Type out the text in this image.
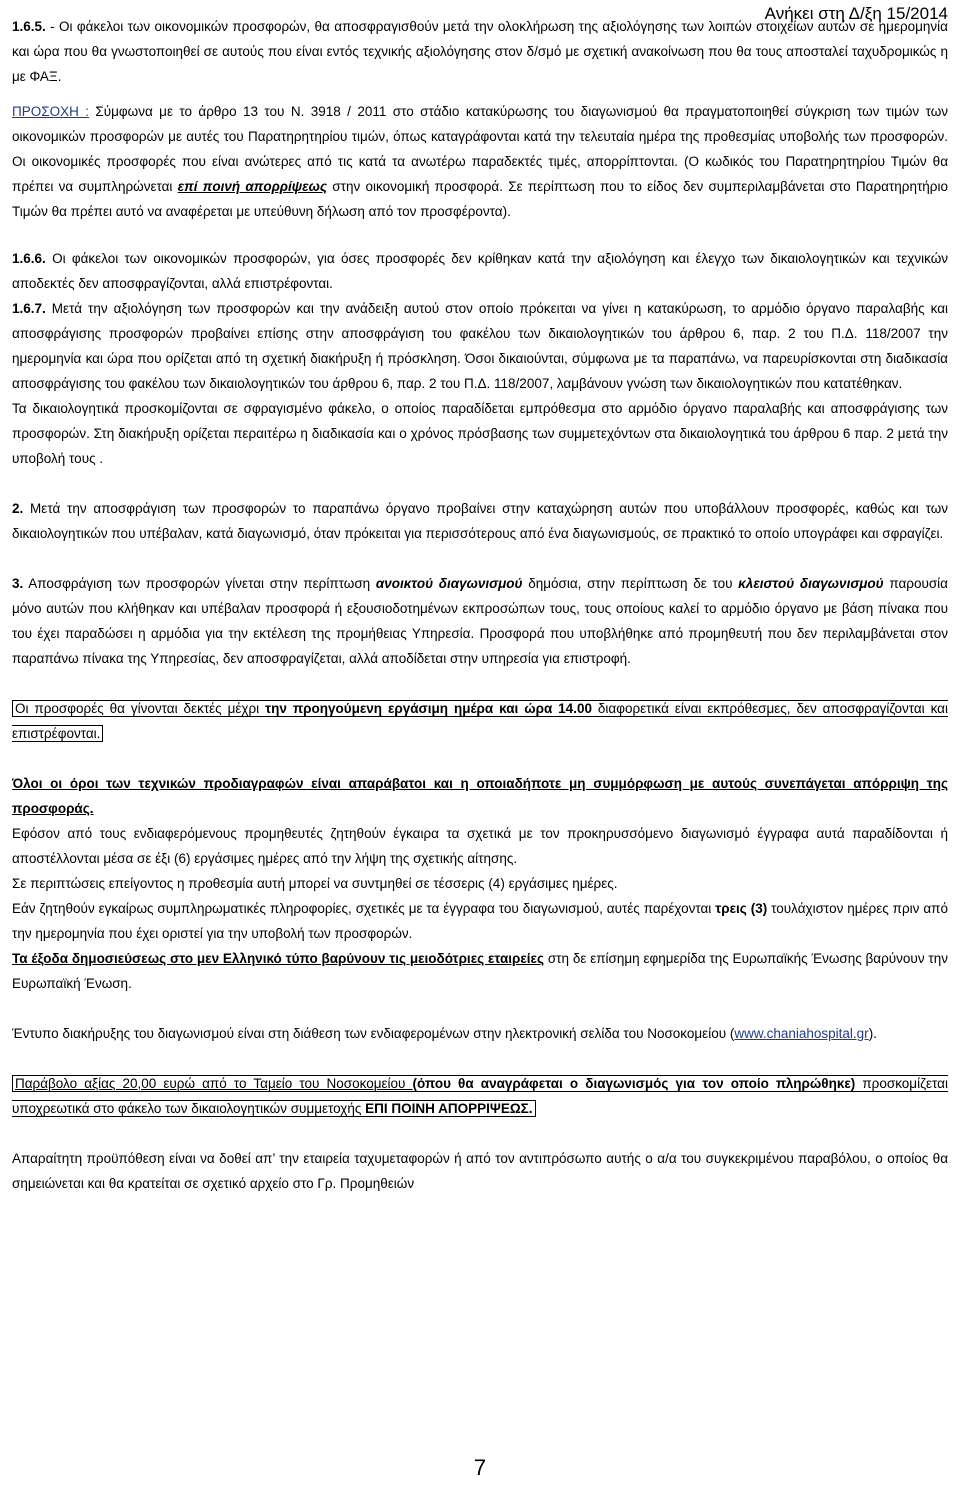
Ανήκει στη Δ/ξη 15/2014

1.6.5. - Οι φάκελοι των οικονομικών προσφορών, θα αποσφραγισθούν μετά την ολοκλήρωση της αξιολόγησης των λοιπών στοιχείων αυτών σε ημερομηνία και ώρα που θα γνωστοποιηθεί σε αυτούς που είναι εντός τεχνικής αξιολόγησης στον δ/σμό με σχετική ανακοίνωση που θα τους αποσταλεί ταχυδρομικώς η με ΦΑΞ.

ΠΡΟΣΟΧΗ : Σύμφωνα με το άρθρο 13 του Ν. 3918 / 2011 στο στάδιο κατακύρωσης του διαγωνισμού θα πραγματοποιηθεί σύγκριση των τιμών των οικονομικών προσφορών με αυτές του Παρατηρητηρίου τιμών, όπως καταγράφονται κατά την τελευταία ημέρα της προθεσμίας υποβολής των προσφορών. Οι οικονομικές προσφορές που είναι ανώτερες από τις κατά τα ανωτέρω παραδεκτές τιμές, απορρίπτονται. (Ο κωδικός του Παρατηρητηρίου Τιμών θα πρέπει να συμπληρώνεται επί ποινή απορρίψεως στην οικονομική προσφορά. Σε περίπτωση που το είδος δεν συμπεριλαμβάνεται στο Παρατηρητήριο Τιμών θα πρέπει αυτό να αναφέρεται με υπεύθυνη δήλωση από τον προσφέροντα).

1.6.6. Οι φάκελοι των οικονομικών προσφορών, για όσες προσφορές δεν κρίθηκαν κατά την αξιολόγηση και έλεγχο των δικαιολογητικών και τεχνικών αποδεκτές δεν αποσφραγίζονται, αλλά επιστρέφονται.

1.6.7. Μετά την αξιολόγηση των προσφορών και την ανάδειξη αυτού στον οποίο πρόκειται να γίνει η κατακύρωση, το αρμόδιο όργανο παραλαβής και αποσφράγισης προσφορών προβαίνει επίσης στην αποσφράγιση του φακέλου των δικαιολογητικών του άρθρου 6, παρ. 2 του Π.Δ. 118/2007 την ημερομηνία και ώρα που ορίζεται από τη σχετική διακήρυξη ή πρόσκληση. Όσοι δικαιούνται, σύμφωνα με τα παραπάνω, να παρευρίσκονται στη διαδικασία αποσφράγισης του φακέλου των δικαιολογητικών του άρθρου 6, παρ. 2 του Π.Δ. 118/2007, λαμβάνουν γνώση των δικαιολογητικών που κατατέθηκαν.

Τα δικαιολογητικά προσκομίζονται σε σφραγισμένο φάκελο, ο οποίος παραδίδεται εμπρόθεσμα στο αρμόδιο όργανο παραλαβής και αποσφράγισης των προσφορών. Στη διακήρυξη ορίζεται περαιτέρω η διαδικασία και ο χρόνος πρόσβασης των συμμετεχόντων στα δικαιολογητικά του άρθρου 6 παρ. 2 μετά την υποβολή τους .

2. Μετά την αποσφράγιση των προσφορών το παραπάνω όργανο προβαίνει στην καταχώρηση αυτών που υποβάλλουν προσφορές, καθώς και των δικαιολογητικών που υπέβαλαν, κατά διαγωνισμό, όταν πρόκειται για περισσότερους από ένα διαγωνισμούς, σε πρακτικό το οποίο υπογράφει και σφραγίζει.

3. Αποσφράγιση των προσφορών γίνεται στην περίπτωση ανοικτού διαγωνισμού δημόσια, στην περίπτωση δε του κλειστού διαγωνισμού παρουσία μόνο αυτών που κλήθηκαν και υπέβαλαν προσφορά ή εξουσιοδοτημένων εκπροσώπων τους, τους οποίους καλεί το αρμόδιο όργανο με βάση πίνακα που του έχει παραδώσει η αρμόδια για την εκτέλεση της προμήθειας Υπηρεσία. Προσφορά που υποβλήθηκε από προμηθευτή που δεν περιλαμβάνεται στον παραπάνω πίνακα της Υπηρεσίας, δεν αποσφραγίζεται, αλλά αποδίδεται στην υπηρεσία για επιστροφή.

Οι προσφορές θα γίνονται δεκτές μέχρι την προηγούμενη εργάσιμη ημέρα και ώρα 14.00 διαφορετικά είναι εκπρόθεσμες, δεν αποσφραγίζονται και επιστρέφονται.

Όλοι οι όροι των τεχνικών προδιαγραφών είναι απαράβατοι και η οποιαδήποτε μη συμμόρφωση με αυτούς συνεπάγεται απόρριψη της προσφοράς.

Εφόσον από τους ενδιαφερόμενους προμηθευτές ζητηθούν έγκαιρα τα σχετικά με τον προκηρυσσόμενο διαγωνισμό έγγραφα αυτά παραδίδονται ή αποστέλλονται μέσα σε έξι (6) εργάσιμες ημέρες από την λήψη της σχετικής αίτησης.

Σε περιπτώσεις επείγοντος η προθεσμία αυτή μπορεί να συντμηθεί σε τέσσερις (4) εργάσιμες ημέρες.

Εάν ζητηθούν εγκαίρως συμπληρωματικές πληροφορίες, σχετικές με τα έγγραφα του διαγωνισμού, αυτές παρέχονται τρεις (3) τουλάχιστον ημέρες πριν από την ημερομηνία που έχει οριστεί για την υποβολή των προσφορών.

Τα έξοδα δημοσιεύσεως στο μεν Ελληνικό τύπο βαρύνουν τις μειοδότριες εταιρείες στη δε επίσημη εφημερίδα της Ευρωπαϊκής Ένωσης βαρύνουν την Ευρωπαϊκή Ένωση.

Έντυπο διακήρυξης του διαγωνισμού είναι στη διάθεση των ενδιαφερομένων στην ηλεκτρονική σελίδα του Νοσοκομείου (www.chaniahospital.gr).

Παράβολο αξίας 20,00 ευρώ από το Ταμείο του Νοσοκομείου (όπου θα αναγράφεται ο διαγωνισμός για τον οποίο πληρώθηκε) προσκομίζεται υποχρεωτικά στο φάκελο των δικαιολογητικών συμμετοχής ΕΠΙ ΠΟΙΝΗ ΑΠΟΡΡΙΨΕΩΣ.

Απαραίτητη προϋπόθεση είναι να δοθεί απ’ την εταιρεία ταχυμεταφορών ή από τον αντιπρόσωπο αυτής ο α/α του συγκεκριμένου παραβόλου, ο οποίος θα σημειώνεται και θα κρατείται σε σχετικό αρχείο στο Γρ. Προμηθειών

7
